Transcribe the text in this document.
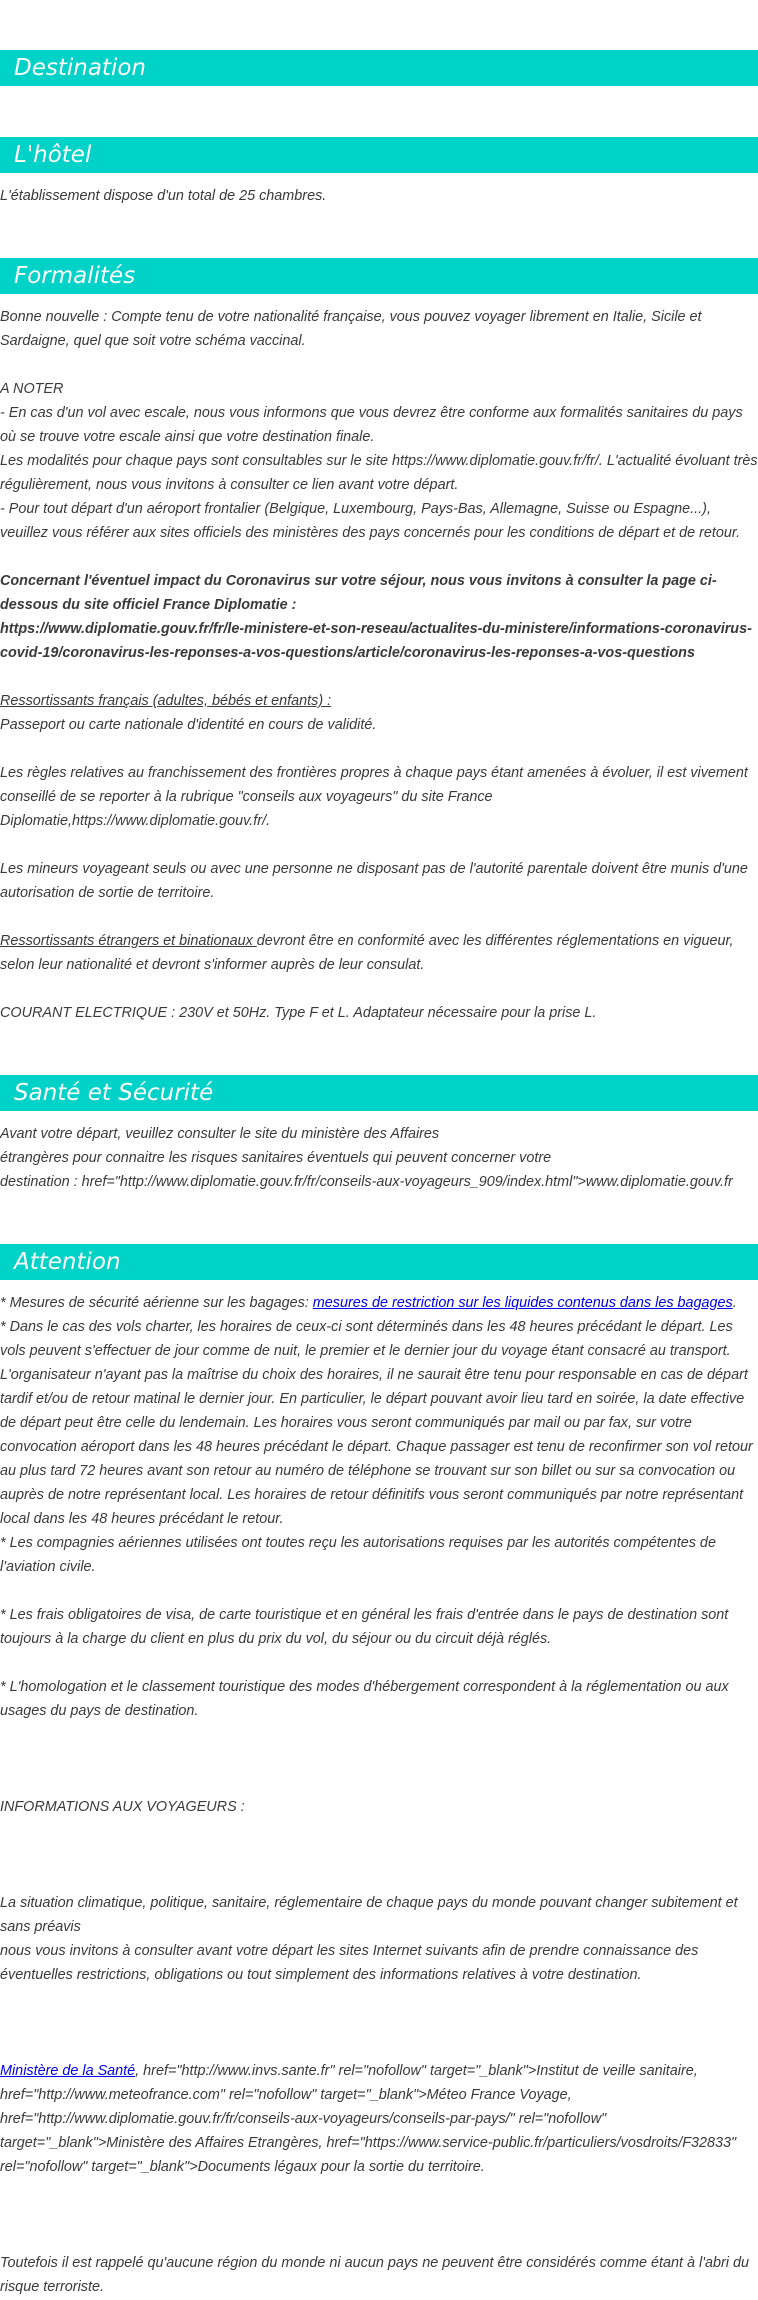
Destination
L'hôtel
L'établissement dispose d'un total de 25 chambres.
Formalités
Bonne nouvelle : Compte tenu de votre nationalité française, vous pouvez voyager librement en Italie, Sicile et Sardaigne, quel que soit votre schéma vaccinal.
A NOTER
- En cas d'un vol avec escale, nous vous informons que vous devrez être conforme aux formalités sanitaires du pays où se trouve votre escale ainsi que votre destination finale.
Les modalités pour chaque pays sont consultables sur le site https://www.diplomatie.gouv.fr/fr/. L'actualité évoluant très régulièrement, nous vous invitons à consulter ce lien avant votre départ.
- Pour tout départ d'un aéroport frontalier (Belgique, Luxembourg, Pays-Bas, Allemagne, Suisse ou Espagne...), veuillez vous référer aux sites officiels des ministères des pays concernés pour les conditions de départ et de retour.
Concernant l'éventuel impact du Coronavirus sur votre séjour, nous vous invitons à consulter la page ci-dessous du site officiel France Diplomatie :
https://www.diplomatie.gouv.fr/fr/le-ministere-et-son-reseau/actualites-du-ministere/informations-coronavirus-covid-19/coronavirus-les-reponses-a-vos-questions/article/coronavirus-les-reponses-a-vos-questions
Ressortissants français (adultes, bébés et enfants) :
Passeport ou carte nationale d'identité en cours de validité.
Les règles relatives au franchissement des frontières propres à chaque pays étant amenées à évoluer, il est vivement conseillé de se reporter à la rubrique "conseils aux voyageurs" du site France Diplomatie,https://www.diplomatie.gouv.fr/.
Les mineurs voyageant seuls ou avec une personne ne disposant pas de l'autorité parentale doivent être munis d'une autorisation de sortie de territoire.
Ressortissants étrangers et binationaux devront être en conformité avec les différentes réglementations en vigueur, selon leur nationalité et devront s'informer auprès de leur consulat.
COURANT ELECTRIQUE : 230V et 50Hz. Type F et L. Adaptateur nécessaire pour la prise L.
Santé et Sécurité
Avant votre départ, veuillez consulter le site du ministère des Affaires
étrangères pour connaitre les risques sanitaires éventuels qui peuvent concerner votre
destination : href="http://www.diplomatie.gouv.fr/fr/conseils-aux-voyageurs_909/index.html">www.diplomatie.gouv.fr
Attention
* Mesures de sécurité aérienne sur les bagages: mesures de restriction sur les liquides contenus dans les bagages.
* Dans le cas des vols charter, les horaires de ceux-ci sont déterminés dans les 48 heures précédant le départ. Les vols peuvent s'effectuer de jour comme de nuit, le premier et le dernier jour du voyage étant consacré au transport. L'organisateur n'ayant pas la maîtrise du choix des horaires, il ne saurait être tenu pour responsable en cas de départ tardif et/ou de retour matinal le dernier jour. En particulier, le départ pouvant avoir lieu tard en soirée, la date effective de départ peut être celle du lendemain. Les horaires vous seront communiqués par mail ou par fax, sur votre convocation aéroport dans les 48 heures précédant le départ. Chaque passager est tenu de reconfirmer son vol retour au plus tard 72 heures avant son retour au numéro de téléphone se trouvant sur son billet ou sur sa convocation ou auprès de notre représentant local. Les horaires de retour définitifs vous seront communiqués par notre représentant local dans les 48 heures précédant le retour.
* Les compagnies aériennes utilisées ont toutes reçu les autorisations requises par les autorités compétentes de l'aviation civile.
* Les frais obligatoires de visa, de carte touristique et en général les frais d'entrée dans le pays de destination sont toujours à la charge du client en plus du prix du vol, du séjour ou du circuit déjà réglés.
* L'homologation et le classement touristique des modes d'hébergement correspondent à la réglementation ou aux usages du pays de destination.
INFORMATIONS AUX VOYAGEURS :
La situation climatique, politique, sanitaire, réglementaire de chaque pays du monde pouvant changer subitement et sans préavis
nous vous invitons à consulter avant votre départ les sites Internet suivants afin de prendre connaissance des éventuelles restrictions, obligations ou tout simplement des informations relatives à votre destination.
Ministère de la Santé, href="http://www.invs.sante.fr" rel="nofollow" target="_blank">Institut de veille sanitaire, href="http://www.meteofrance.com" rel="nofollow" target="_blank">Méteo France Voyage, href="http://www.diplomatie.gouv.fr/fr/conseils-aux-voyageurs/conseils-par-pays/" rel="nofollow" target="_blank">Ministère des Affaires Etrangères, href="https://www.service-public.fr/particuliers/vosdroits/F32833" rel="nofollow" target="_blank">Documents légaux pour la sortie du territoire.
Toutefois il est rappelé qu'aucune région du monde ni aucun pays ne peuvent être considérés comme étant à l'abri du risque terroriste.
